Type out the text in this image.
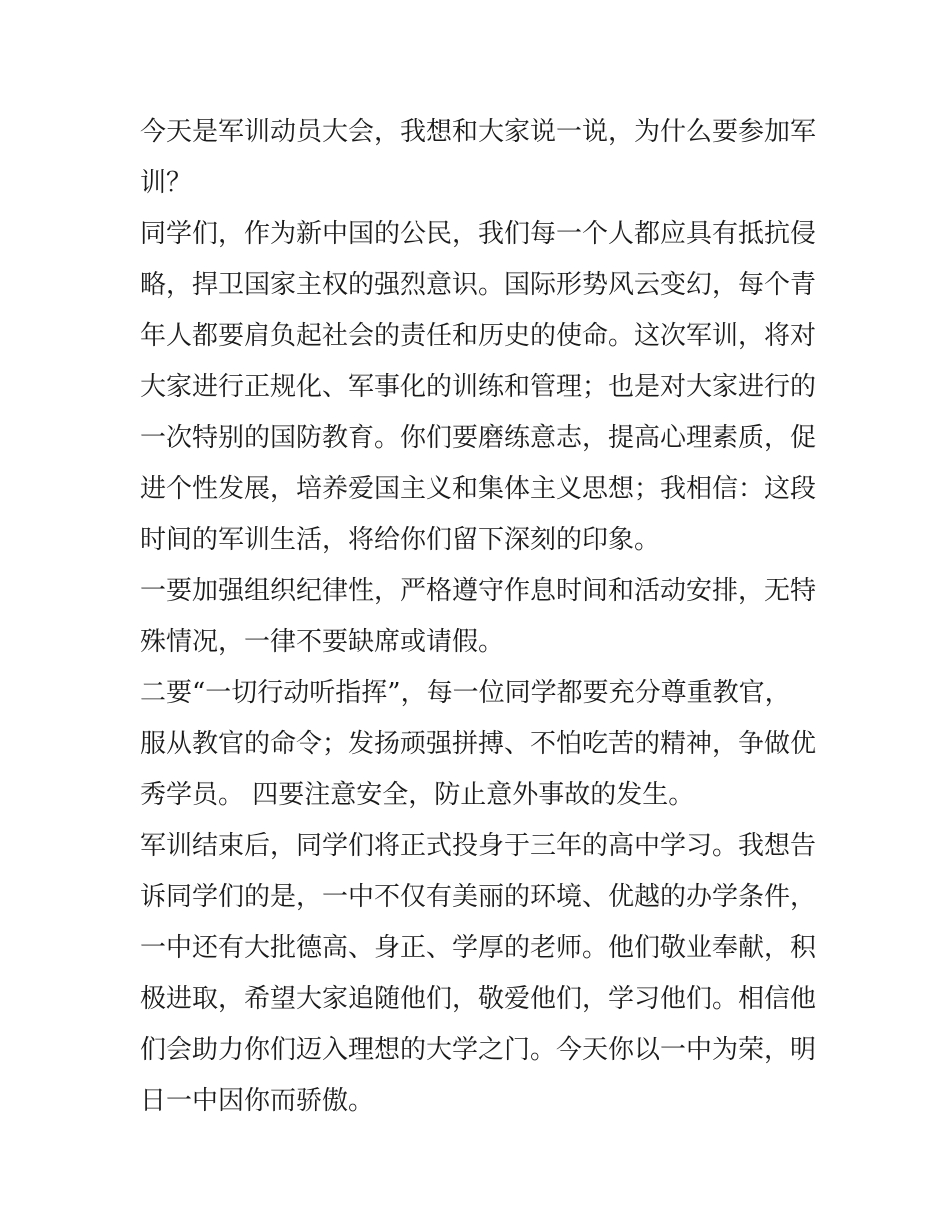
今天是军训动员大会，我想和大家说一说，为什么要参加军训？

同学们，作为新中国的公民，我们每一个人都应具有抵抗侵略，捍卫国家主权的强烈意识。国际形势风云变幻，每个青年人都要肩负起社会的责任和历史的使命。这次军训，将对大家进行正规化、军事化的训练和管理；也是对大家进行的一次特别的国防教育。你们要磨练意志，提高心理素质，促进个性发展，培养爱国主义和集体主义思想；我相信：这段时间的军训生活，将给你们留下深刻的印象。

一要加强组织纪律性，严格遵守作息时间和活动安排，无特殊情况，一律不要缺席或请假。

二要“一切行动听指挥”，每一位同学都要充分尊重教官，服从教官的命令；发扬顽强拼搏、不怕吃苦的精神，争做优秀学员。 四要注意安全，防止意外事故的发生。

军训结束后，同学们将正式投身于三年的高中学习。我想告诉同学们的是，一中不仅有美丽的环境、优越的办学条件，一中还有大批德高、身正、学厚的老师。他们敬业奉献，积极进取，希望大家追随他们，敬爱他们，学习他们。相信他们会助力你们迈入理想的大学之门。今天你以一中为荣，明日一中因你而骄傲。
